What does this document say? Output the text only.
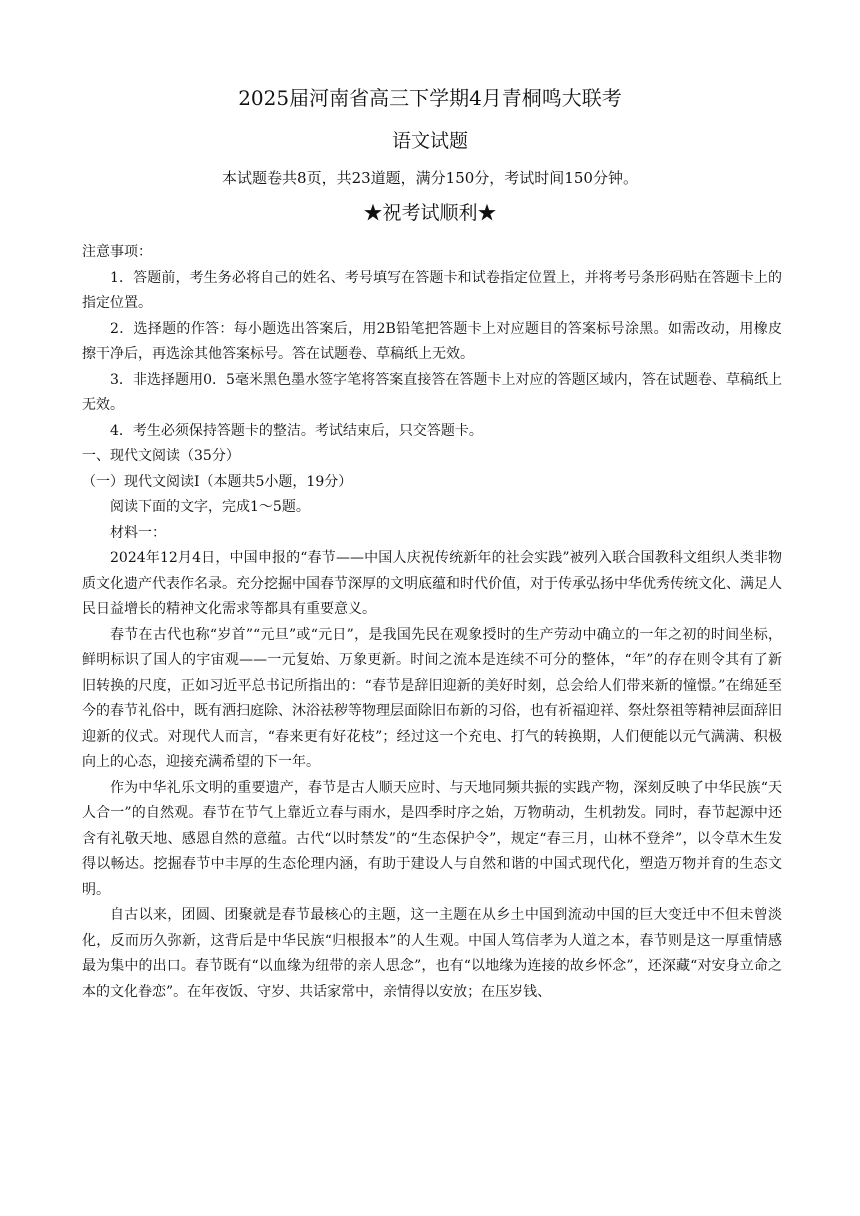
2025届河南省高三下学期4月青桐鸣大联考
语文试题

本试题卷共8页，共23道题，满分150分，考试时间150分钟。

★祝考试顺利★

注意事项：

1．答题前，考生务必将自己的姓名、考号填写在答题卡和试卷指定位置上，并将考号条形码贴在答题卡上的指定位置。

2．选择题的作答：每小题选出答案后，用2B铅笔把答题卡上对应题目的答案标号涂黑。如需改动，用橡皮擦干净后，再选涂其他答案标号。答在试题卷、草稿纸上无效。

3．非选择题用0．5毫米黑色墨水签字笔将答案直接答在答题卡上对应的答题区域内，答在试题卷、草稿纸上无效。

4．考生必须保持答题卡的整洁。考试结束后，只交答题卡。

一、现代文阅读（35分）

（一）现代文阅读Ⅰ（本题共5小题，19分）

阅读下面的文字，完成1～5题。

材料一：

2024年12月4日，中国申报的“春节——中国人庆祝传统新年的社会实践”被列入联合国教科文组织人类非物质文化遗产代表作名录。充分挖掘中国春节深厚的文明底蕴和时代价值，对于传承弘扬中华优秀传统文化、满足人民日益增长的精神文化需求等都具有重要意义。

春节在古代也称“岁首”“元旦”或“元日”，是我国先民在观象授时的生产劳动中确立的一年之初的时间坐标，鲜明标识了国人的宇宙观——一元复始、万象更新。时间之流本是连续不可分的整体，“年”的存在则令其有了新旧转换的尺度，正如习近平总书记所指出的：“春节是辞旧迎新的美好时刻，总会给人们带来新的憧憬。”在绵延至今的春节礼俗中，既有洒扫庭除、沐浴祛秽等物理层面除旧布新的习俗，也有祈福迎祥、祭灶祭祖等精神层面辞旧迎新的仪式。对现代人而言，“春来更有好花枝”；经过这一个充电、打气的转换期，人们便能以元气满满、积极向上的心态，迎接充满希望的下一年。

作为中华礼乐文明的重要遗产，春节是古人顺天应时、与天地同频共振的实践产物，深刻反映了中华民族“天人合一”的自然观。春节在节气上靠近立春与雨水，是四季时序之始，万物萌动，生机勃发。同时，春节起源中还含有礼敬天地、感恩自然的意蕴。古代“以时禁发”的“生态保护令”，规定“春三月，山林不登斧”，以令草木生发得以畅达。挖掘春节中丰厚的生态伦理内涵，有助于建设人与自然和谐的中国式现代化，塑造万物并育的生态文明。

自古以来，团圆、团聚就是春节最核心的主题，这一主题在从乡土中国到流动中国的巨大变迁中不但未曾淡化，反而历久弥新，这背后是中华民族“归根报本”的人生观。中国人笃信孝为人道之本，春节则是这一厚重情感最为集中的出口。春节既有“以血缘为纽带的亲人思念”，也有“以地缘为连接的故乡怀念”，还深藏“对安身立命之本的文化眷恋”。在年夜饭、守岁、共话家常中，亲情得以安放；在压岁钱、
